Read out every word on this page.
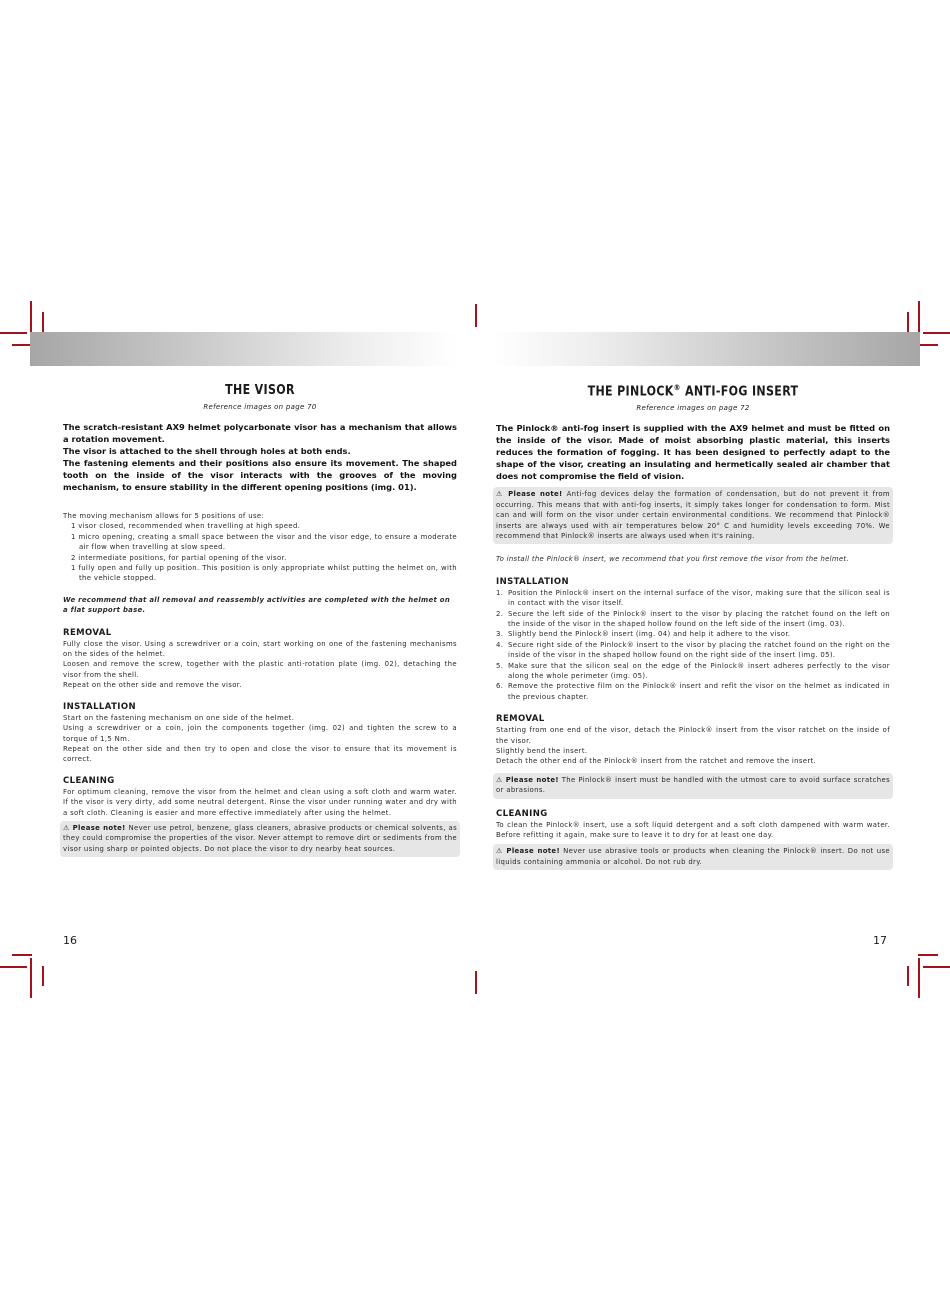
THE VISOR
Reference images on page 70

The scratch-resistant AX9 helmet polycarbonate visor has a mechanism that allows a rotation movement.

The visor is attached to the shell through holes at both ends.

The fastening elements and their positions also ensure its movement. The shaped tooth on the inside of the visor interacts with the grooves of the moving mechanism, to ensure stability in the different opening positions (img. 01).

The moving mechanism allows for 5 positions of use:

1 visor closed, recommended when travelling at high speed.

1 micro opening, creating a small space between the visor and the visor edge, to ensure a moderate air flow when travelling at slow speed.

2 intermediate positions, for partial opening of the visor.

1 fully open and fully up position. This position is only appropriate whilst putting the helmet on, with the vehicle stopped.

We recommend that all removal and reassembly activities are completed with the helmet on a flat support base.
REMOVAL

Fully close the visor. Using a screwdriver or a coin, start working on one of the fastening mechanisms on the sides of the helmet.

Loosen and remove the screw, together with the plastic anti-rotation plate (img. 02), detaching the visor from the shell.

Repeat on the other side and remove the visor.

INSTALLATION

Start on the fastening mechanism on one side of the helmet.

Using a screwdriver or a coin, join the components together (img. 02) and tighten the screw to a torque of 1,5 Nm.

Repeat on the other side and then try to open and close the visor to ensure that its movement is correct.

CLEANING
For optimum cleaning, remove the visor from the helmet and clean using a soft cloth and warm water. If the visor is very dirty, add some neutral detergent. Rinse the visor under running water and dry with a soft cloth. Cleaning is easier and more effective immediately after using the helmet.
⚠ Please note! Never use petrol, benzene, glass cleaners, abrasive products or chemical solvents, as they could compromise the properties of the visor. Never attempt to remove dirt or sediments from the visor using sharp or pointed objects. Do not place the visor to dry nearby heat sources.
THE PINLOCK® ANTI-FOG INSERT
Reference images on page 72
The Pinlock® anti-fog insert is supplied with the AX9 helmet and must be fitted on the inside of the visor. Made of moist absorbing plastic material, this inserts reduces the formation of fogging. It has been designed to perfectly adapt to the shape of the visor, creating an insulating and hermetically sealed air chamber that does not compromise the field of vision.
⚠ Please note! Anti-fog devices delay the formation of condensation, but do not prevent it from occurring. This means that with anti-fog inserts, it simply takes longer for condensation to form. Mist can and will form on the visor under certain environmental conditions. We recommend that Pinlock® inserts are always used with air temperatures below 20° C and humidity levels exceeding 70%. We recommend that Pinlock® inserts are always used when it's raining.
To install the Pinlock® insert, we recommend that you first remove the visor from the helmet.
INSTALLATION
1. Position the Pinlock® insert on the internal surface of the visor, making sure that the silicon seal is in contact with the visor itself.
2. Secure the left side of the Pinlock® insert to the visor by placing the ratchet found on the left on the inside of the visor in the shaped hollow found on the left side of the insert (img. 03).
3. Slightly bend the Pinlock® insert (img. 04) and help it adhere to the visor.
4. Secure right side of the Pinlock® insert to the visor by placing the ratchet found on the right on the inside of the visor in the shaped hollow found on the right side of the insert (img. 05).
5. Make sure that the silicon seal on the edge of the Pinlock® insert adheres perfectly to the visor along the whole perimeter (img. 05).
6. Remove the protective film on the Pinlock® insert and refit the visor on the helmet as indicated in the previous chapter.
REMOVAL

Starting from one end of the visor, detach the Pinlock® insert from the visor ratchet on the inside of the visor.

Slightly bend the insert.

Detach the other end of the Pinlock® insert from the ratchet and remove the insert.

⚠ Please note! The Pinlock® insert must be handled with the utmost care to avoid surface scratches or abrasions.
CLEANING
To clean the Pinlock® insert, use a soft liquid detergent and a soft cloth dampened with warm water. Before refitting it again, make sure to leave it to dry for at least one day.
⚠ Please note! Never use abrasive tools or products when cleaning the Pinlock® insert. Do not use liquids containing ammonia or alcohol. Do not rub dry.
16	17
